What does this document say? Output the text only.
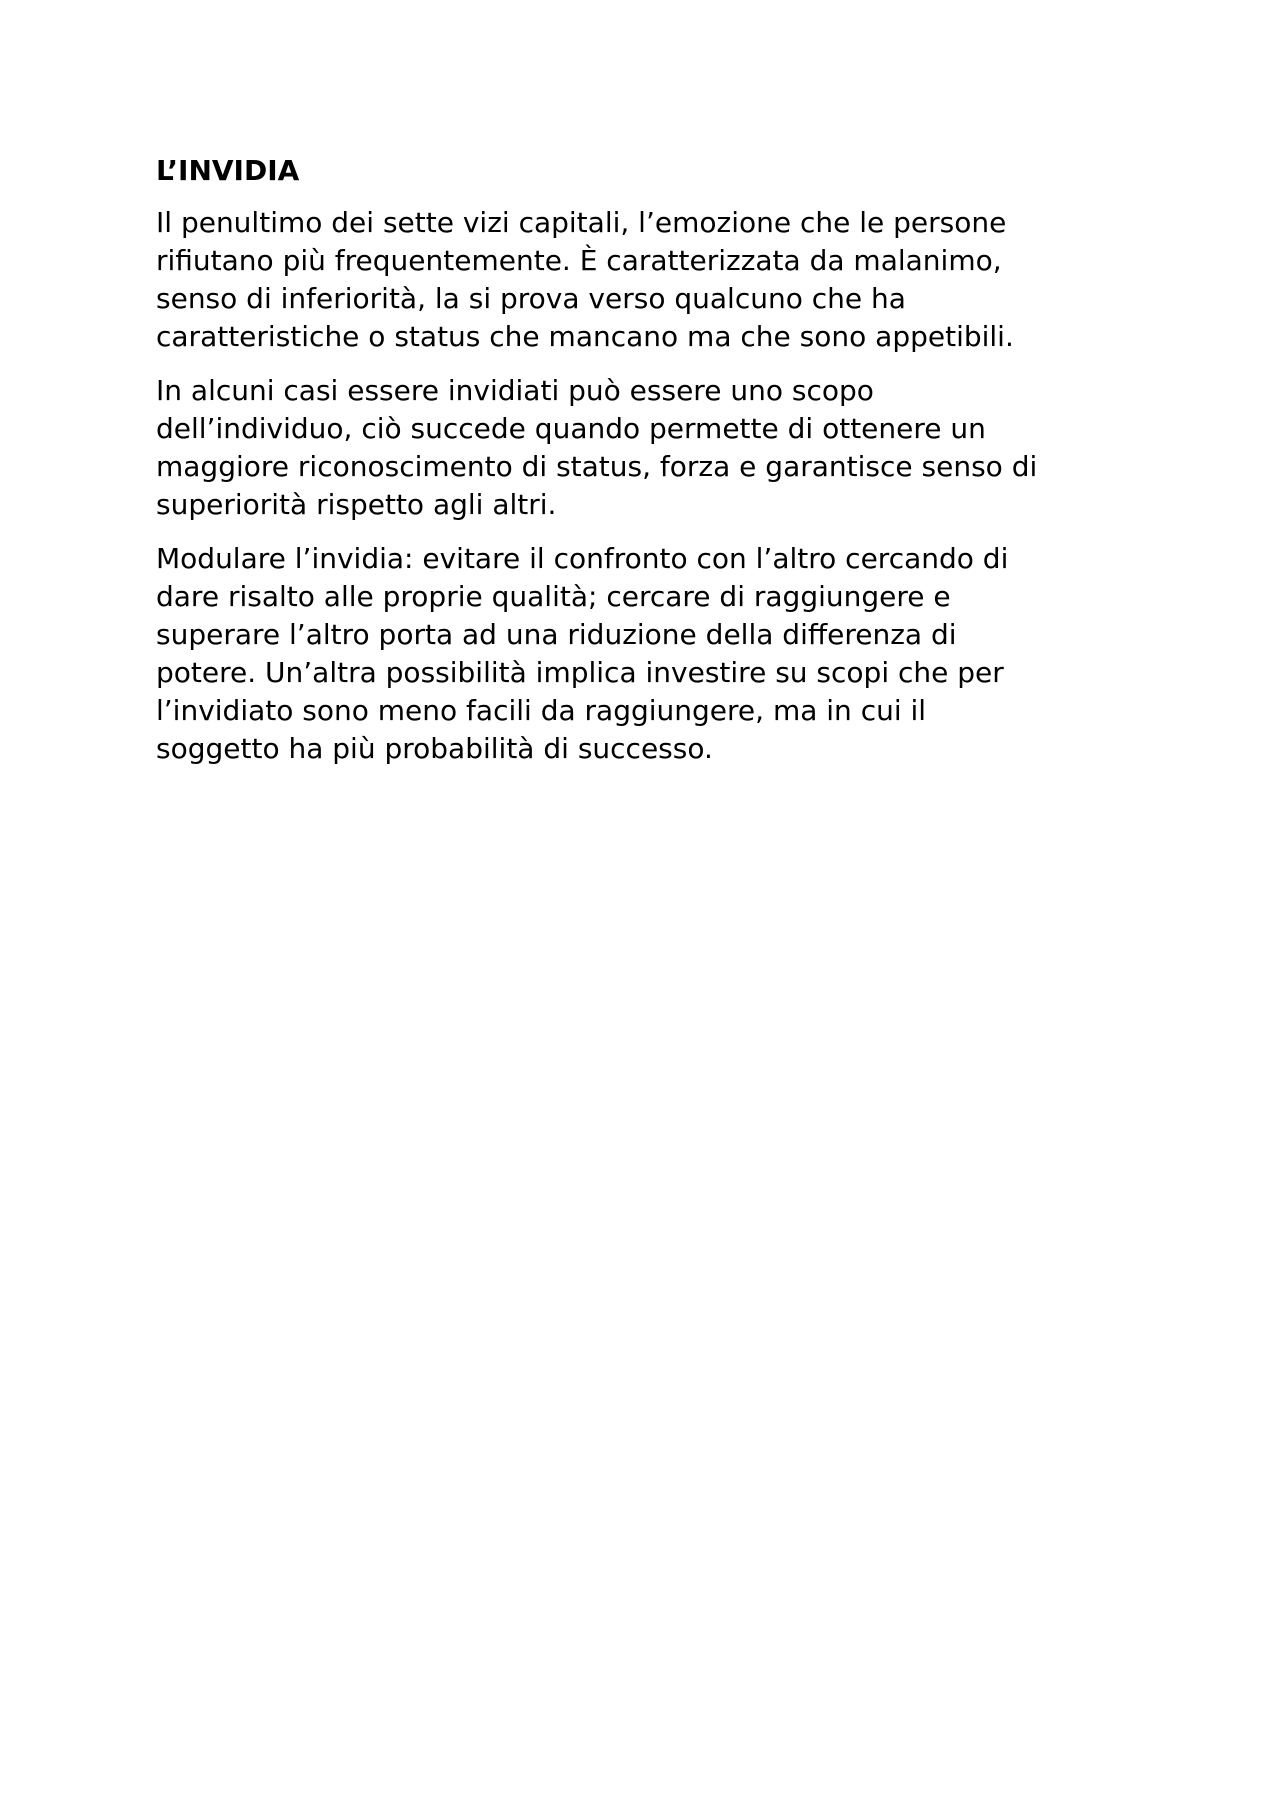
L’INVIDIA

Il penultimo dei sette vizi capitali, l’emozione che le persone
rifiutano più frequentemente. È caratterizzata da malanimo,
senso di inferiorità, la si prova verso qualcuno che ha
caratteristiche o status che mancano ma che sono appetibili.

In alcuni casi essere invidiati può essere uno scopo
dell’individuo, ciò succede quando permette di ottenere un
maggiore riconoscimento di status, forza e garantisce senso di
superiorità rispetto agli altri.

Modulare l’invidia: evitare il confronto con l’altro cercando di
dare risalto alle proprie qualità; cercare di raggiungere e
superare l’altro porta ad una riduzione della differenza di
potere. Un’altra possibilità implica investire su scopi che per
l’invidiato sono meno facili da raggiungere, ma in cui il
soggetto ha più probabilità di successo.
